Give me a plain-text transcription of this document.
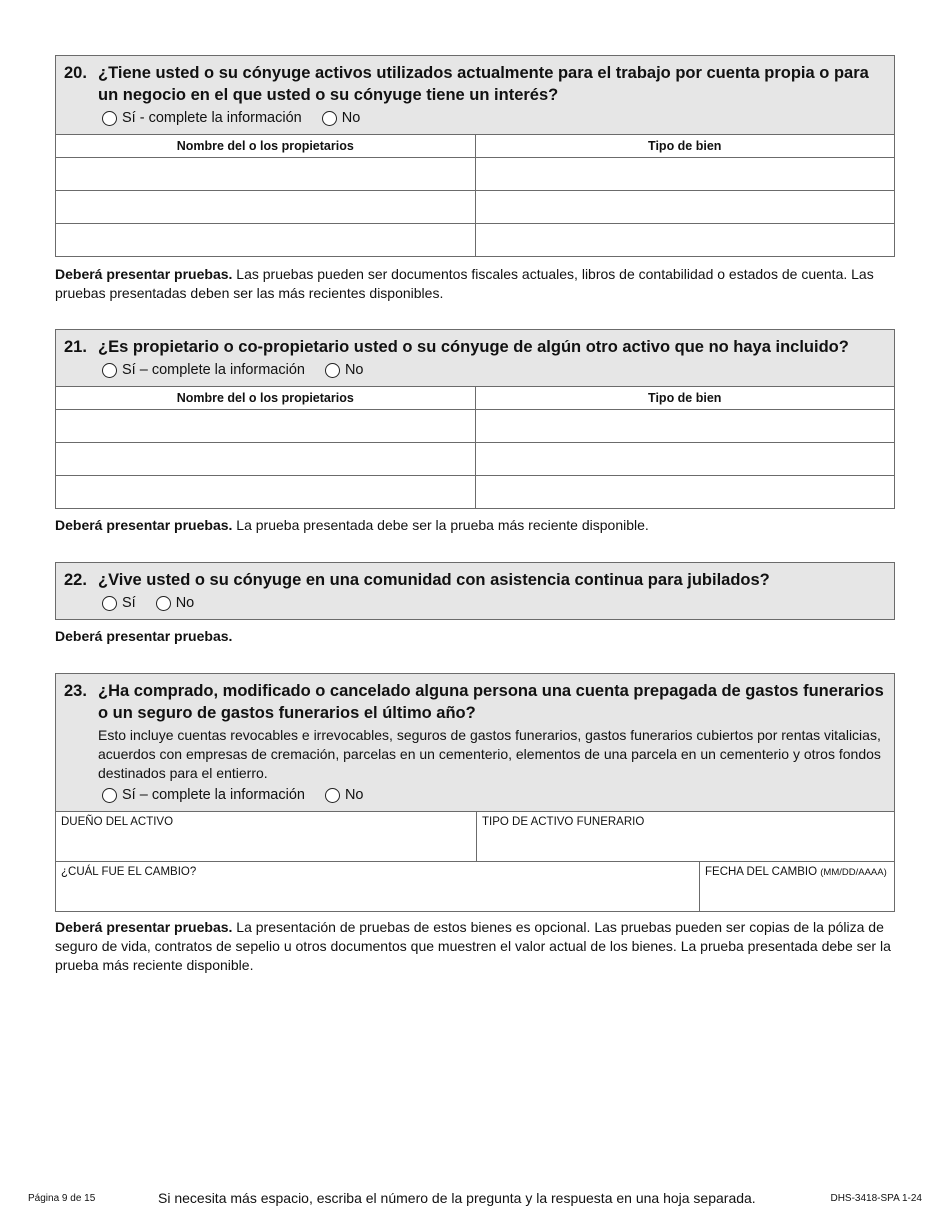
20. ¿Tiene usted o su cónyuge activos utilizados actualmente para el trabajo por cuenta propia o para un negocio en el que usted o su cónyuge tiene un interés?
Sí - complete la información	No
Nombre del o los propietarios	Tipo de bien

Deberá presentar pruebas. Las pruebas pueden ser documentos fiscales actuales, libros de contabilidad o estados de cuenta. Las pruebas presentadas deben ser las más recientes disponibles.
21. ¿Es propietario o co-propietario usted o su cónyuge de algún otro activo que no haya incluido?
Sí – complete la información	No
Nombre del o los propietarios	Tipo de bien

Deberá presentar pruebas. La prueba presentada debe ser la prueba más reciente disponible.
22. ¿Vive usted o su cónyuge en una comunidad con asistencia continua para jubilados?
Sí	No
Deberá presentar pruebas.
23. ¿Ha comprado, modificado o cancelado alguna persona una cuenta prepagada de gastos funerarios o un seguro de gastos funerarios el último año?
Esto incluye cuentas revocables e irrevocables, seguros de gastos funerarios, gastos funerarios cubiertos por rentas vitalicias, acuerdos con empresas de cremación, parcelas en un cementerio, elementos de una parcela en un cementerio y otros fondos destinados para el entierro.
Sí – complete la información	No
DUEÑO DEL ACTIVO	TIPO DE ACTIVO FUNERARIO
¿CUÁL FUE EL CAMBIO?	FECHA DEL CAMBIO (MM/DD/AAAA)
Deberá presentar pruebas. La presentación de pruebas de estos bienes es opcional. Las pruebas pueden ser copias de la póliza de seguro de vida, contratos de sepelio u otros documentos que muestren el valor actual de los bienes. La prueba presentada debe ser la prueba más reciente disponible.
Página 9 de 15	Si necesita más espacio, escriba el número de la pregunta y la respuesta en una hoja separada.	DHS-3418-SPA 1-24
